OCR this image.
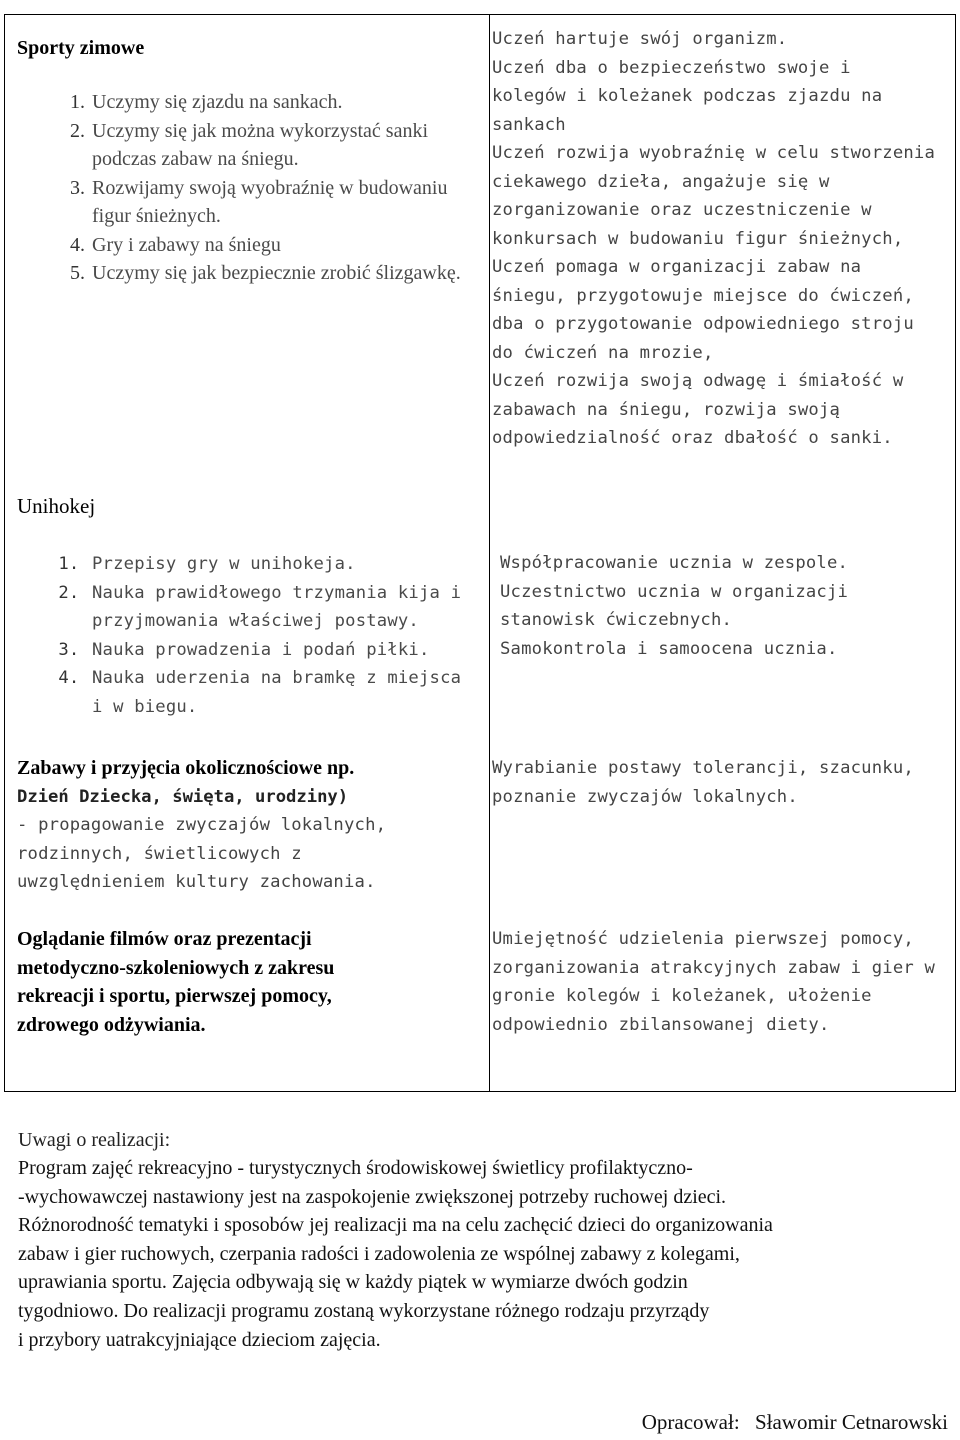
Sporty zimowe
1. Uczymy się zjazdu na sankach.
2. Uczymy się jak można wykorzystać sanki podczas zabaw na śniegu.
3. Rozwijamy swoją wyobraźnię w budowaniu figur śnieżnych.
4. Gry i zabawy na śniegu
5. Uczymy się jak bezpiecznie zrobić ślizgawkę.
Uczeń hartuje swój organizm.
Uczeń dba o bezpieczeństwo swoje i
kolegów i koleżanek podczas zjazdu na
sankach
Uczeń rozwija wyobraźnię w celu stworzenia
ciekawego dzieła, angażuje się w
zorganizowanie oraz uczestniczenie w
konkursach w budowaniu figur śnieżnych,
Uczeń pomaga w organizacji zabaw na
śniegu, przygotowuje miejsce do ćwiczeń,
dba o przygotowanie odpowiedniego stroju
do ćwiczeń na mrozie,
Uczeń rozwija swoją odwagę i śmiałość w
zabawach na śniegu, rozwija swoją
odpowiedzialność oraz dbałość o sanki.
Unihokej
1. Przepisy gry w unihokeja.
2. Nauka prawidłowego trzymania kija i przyjmowania właściwej postawy.
3. Nauka prowadzenia i podań piłki.
4. Nauka uderzenia na bramkę z miejsca i w biegu.
Współpracowanie ucznia w zespole.
Uczestnictwo ucznia w organizacji
stanowisk ćwiczebnych.
Samokontrola i samoocena ucznia.
Zabawy i przyjęcia okolicznościowe np.
Dzień Dziecka, święta, urodziny)
- propagowanie zwyczajów lokalnych,
rodzinnych, świetlicowych z
uwzględnieniem kultury zachowania.
Wyrabianie postawy tolerancji, szacunku,
poznanie zwyczajów lokalnych.
Oglądanie filmów oraz prezentacji
metodyczno-szkoleniowych z zakresu
rekreacji i sportu, pierwszej pomocy,
zdrowego odżywiania.
Umiejętność udzielenia pierwszej pomocy,
zorganizowania atrakcyjnych zabaw i gier w
gronie kolegów i koleżanek, ułożenie
odpowiednio zbilansowanej diety.
Uwagi o realizacji:

Program zajęć rekreacyjno - turystycznych środowiskowej świetlicy profilaktyczno-

-wychowawczej nastawiony jest na zaspokojenie zwiększonej potrzeby ruchowej dzieci.

Różnorodność tematyki i sposobów jej realizacji ma na celu zachęcić dzieci do organizowania

zabaw i gier ruchowych, czerpania radości i zadowolenia ze wspólnej zabawy z kolegami,

uprawiania sportu. Zajęcia odbywają się w każdy piątek w wymiarze dwóch godzin

tygodniowo. Do realizacji programu zostaną wykorzystane różnego rodzaju przyrządy

i przybory uatrakcyjniające dzieciom zajęcia.

Opracował: Sławomir Cetnarowski
